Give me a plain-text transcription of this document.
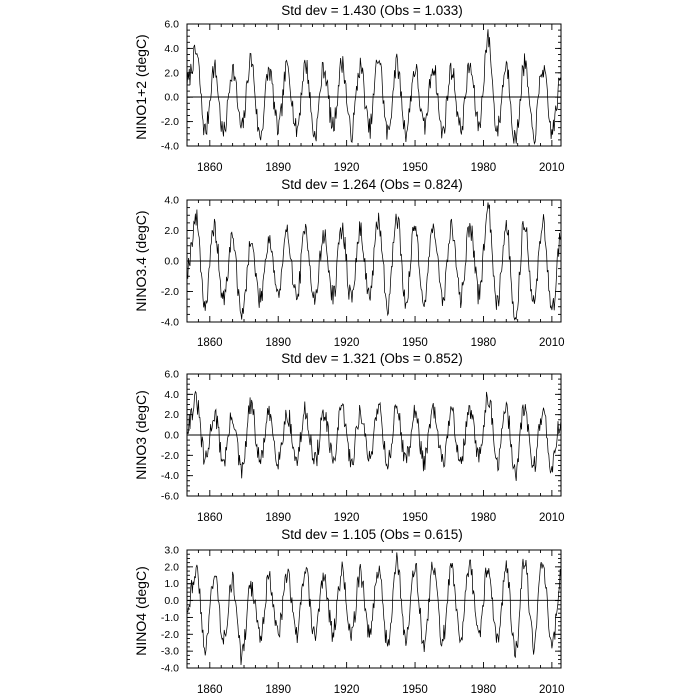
Std dev = 1.430 (Obs = 1.033)
NINO1+2 (degC)
6.0
4.0
2.0
0.0
-2.0
-4.0
1860	1890	1920	1950	1980	2010
Std dev = 1.264 (Obs = 0.824)
NINO3.4 (degC)
4.0
2.0
0.0
-2.0
-4.0
1860	1890	1920	1950	1980	2010
Std dev = 1.321 (Obs = 0.852)
NINO3 (degC)
6.0
4.0
2.0
0.0
-2.0
-4.0
-6.0
1860	1890	1920	1950	1980	2010
Std dev = 1.105 (Obs = 0.615)
NINO4 (degC)
3.0
2.0
1.0
0.0
-1.0
-2.0
-3.0
-4.0
1860	1890	1920	1950	1980	2010
